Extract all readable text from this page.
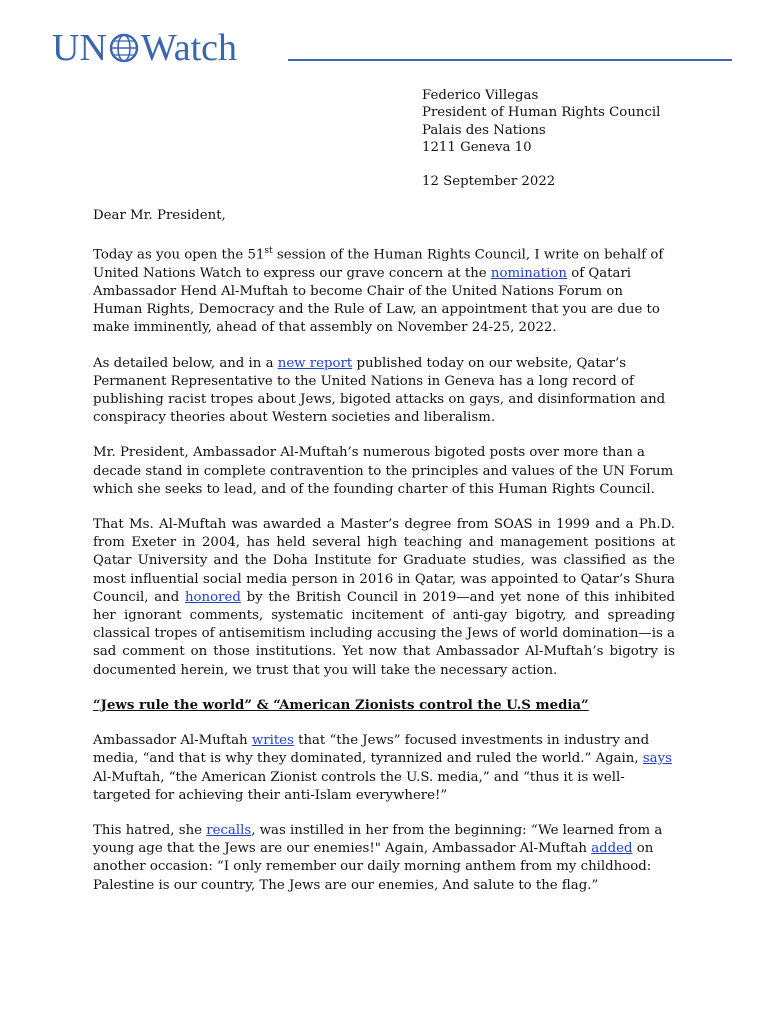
UN Watch
Federico Villegas
President of Human Rights Council
Palais des Nations
1211 Geneva 10
12 September 2022

Dear Mr. President,

Today as you open the 51st session of the Human Rights Council, I write on behalf of United Nations Watch to express our grave concern at the nomination of Qatari Ambassador Hend Al-Muftah to become Chair of the United Nations Forum on Human Rights, Democracy and the Rule of Law, an appointment that you are due to make imminently, ahead of that assembly on November 24-25, 2022.

As detailed below, and in a new report published today on our website, Qatar’s Permanent Representative to the United Nations in Geneva has a long record of publishing racist tropes about Jews, bigoted attacks on gays, and disinformation and conspiracy theories about Western societies and liberalism.

Mr. President, Ambassador Al-Muftah’s numerous bigoted posts over more than a decade stand in complete contravention to the principles and values of the UN Forum which she seeks to lead, and of the founding charter of this Human Rights Council.

That Ms. Al-Muftah was awarded a Master’s degree from SOAS in 1999 and a Ph.D. from Exeter in 2004, has held several high teaching and management positions at Qatar University and the Doha Institute for Graduate studies, was classified as the most influential social media person in 2016 in Qatar, was appointed to Qatar’s Shura Council, and honored by the British Council in 2019—and yet none of this inhibited her ignorant comments, systematic incitement of anti-gay bigotry, and spreading classical tropes of antisemitism including accusing the Jews of world domination—is a sad comment on those institutions. Yet now that Ambassador Al-Muftah’s bigotry is documented herein, we trust that you will take the necessary action.

“Jews rule the world” & “American Zionists control the U.S media”

Ambassador Al-Muftah writes that “the Jews” focused investments in industry and media, “and that is why they dominated, tyrannized and ruled the world.” Again, says Al-Muftah, “the American Zionist controls the U.S. media,” and “thus it is well-targeted for achieving their anti-Islam everywhere!”

This hatred, she recalls, was instilled in her from the beginning: “We learned from a young age that the Jews are our enemies!" Again, Ambassador Al-Muftah added on another occasion: “I only remember our daily morning anthem from my childhood: Palestine is our country, The Jews are our enemies, And salute to the flag.”
